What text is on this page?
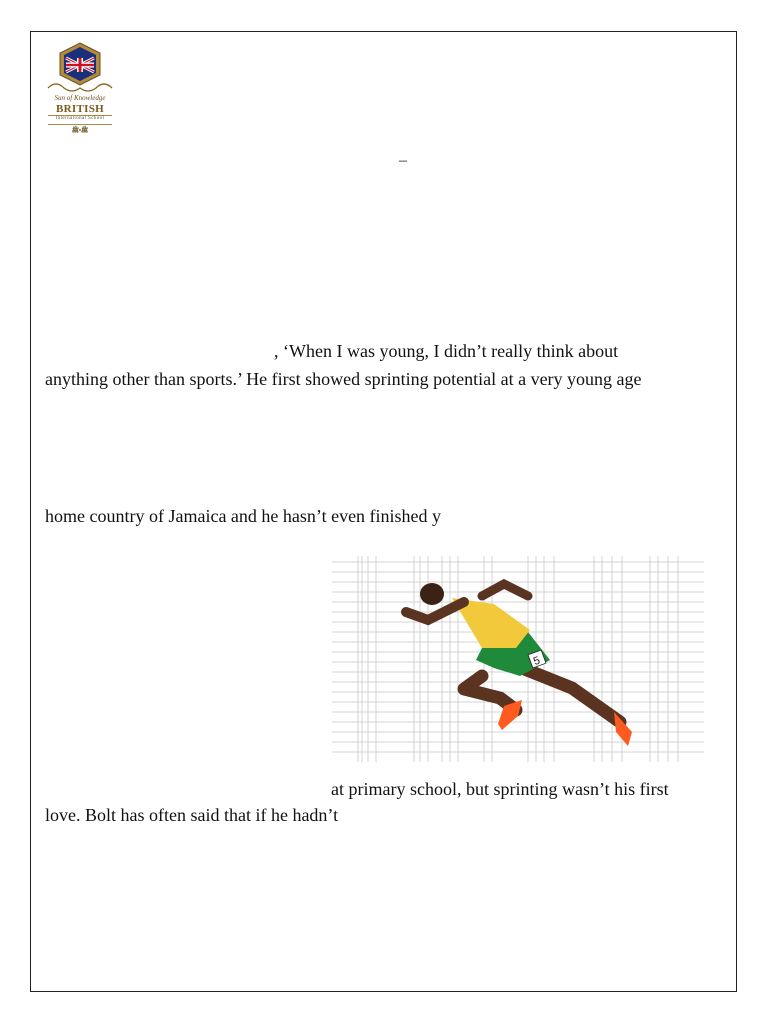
Sun of Knowledge
BRITISH
International School
ﷺ•ﷺ
–
, ‘When I was young, I didn’t really think about
anything other than sports.’ He first showed sprinting potential at a very young age
home country of Jamaica and he hasn’t even finished y
5
at primary school, but sprinting wasn’t his first
love. Bolt has often said that if he hadn’t
